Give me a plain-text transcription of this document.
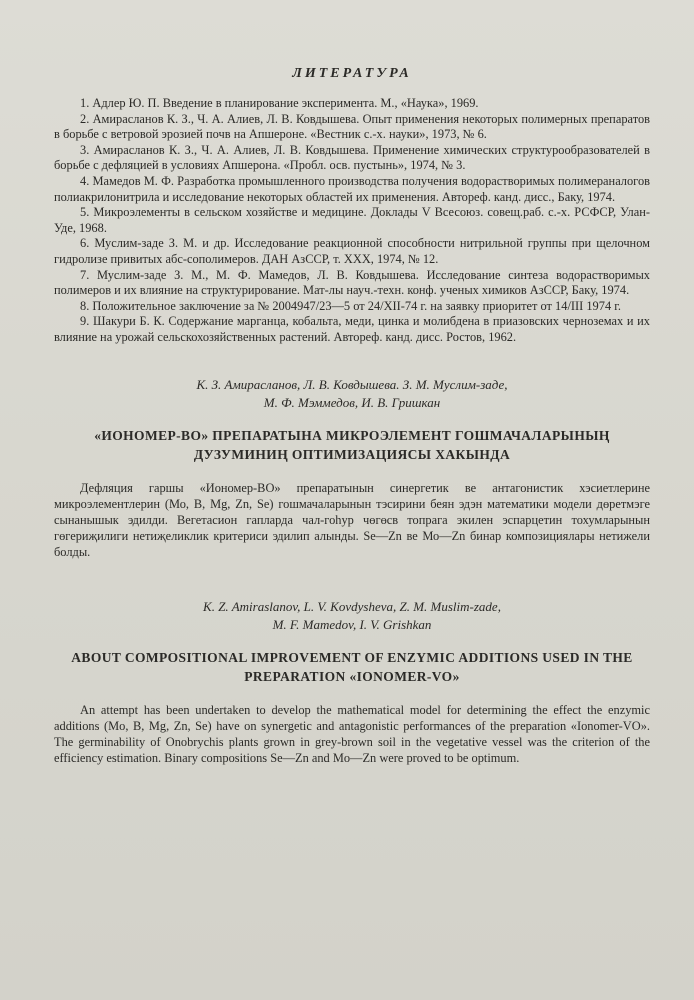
ЛИТЕРАТУРА

1. Адлер Ю. П. Введение в планирование эксперимента. М., «Наука», 1969.

2. Амирасланов К. З., Ч. А. Алиев, Л. В. Ковдышева. Опыт применения некоторых полимерных препаратов в борьбе с ветровой эрозией почв на Апшероне. «Вестник с.-х. науки», 1973, № 6.

3. Амирасланов К. З., Ч. А. Алиев, Л. В. Ковдышева. Применение химических структурообразователей в борьбе с дефляцией в условиях Апшерона. «Пробл. осв. пустынь», 1974, № 3.

4. Мамедов М. Ф. Разработка промышленного производства получения водорастворимых полимераналогов полиакрилонитрила и исследование некоторых областей их применения. Автореф. канд. дисс., Баку, 1974.

5. Микроэлементы в сельском хозяйстве и медицине. Доклады V Всесоюз. совещ.раб. с.-х. РСФСР, Улан-Уде, 1968.

6. Муслим-заде З. М. и др. Исследование реакционной способности нитрильной группы при щелочном гидролизе привитых абс-сополимеров. ДАН АзССР, т. XXX, 1974, № 12.

7. Муслим-заде З. М., М. Ф. Мамедов, Л. В. Ковдышева. Исследование синтеза водорастворимых полимеров и их влияние на структурирование. Мат-лы науч.-техн. конф. ученых химиков АзССР, Баку, 1974.

8. Положительное заключение за № 2004947/23—5 от 24/XII-74 г. на заявку приоритет от 14/III 1974 г.

9. Шакури Б. К. Содержание марганца, кобальта, меди, цинка и молибдена в приазовских черноземах и их влияние на урожай сельскохозяйственных растений. Автореф. канд. дисс. Ростов, 1962.

К. З. Амирасланов, Л. В. Ковдышева. З. М. Муслим-заде,

М. Ф. Мэммедов, И. В. Гришкан

«ИОНОМЕР-ВО» ПРЕПАРАТЫНА МИКРОЭЛЕМЕНТ ГОШМАЧАЛАРЫНЫҢ ДУЗУМИНИҢ ОПТИМИЗАЦИЯСЫ ХАКЫНДА

Дефляция гаршы «Иономер-ВО» препаратынын синергетик ве антагонистик хэсиетлерине микроэлементлерин (Мо, В, Mg, Zn, Se) гошмачаларынын тэсирини беян эдэн математики модели дөрeтмэге сынанышык эдилди. Вегетасион гапларда чал-гоһур чөгөсв топрага экилен эспарцетин тохумларынын гөгериҗилиги нетиҗеликлик критериси эдилип алынды. Se—Zn ве Мо—Zn бинар композициялары нетижели болды.

K. Z. Amiraslanov, L. V. Kovdysheva, Z. M. Muslim-zade,

M. F. Mamedov, I. V. Grishkan

ABOUT COMPOSITIONAL IMPROVEMENT OF ENZYMIC ADDITIONS USED IN THE PREPARATION «IONOMER-VO»

An attempt has been undertaken to develop the mathematical model for determining the effect the enzymic additions (Mo, B, Mg, Zn, Se) have on synergetic and antagonistic performances of the preparation «Ionomer-VO». The germinability of Onobrychis plants grown in grey-brown soil in the vegetative vessel was the criterion of the efficiency estimation. Binary compositions Se—Zn and Mo—Zn were proved to be optimum.
